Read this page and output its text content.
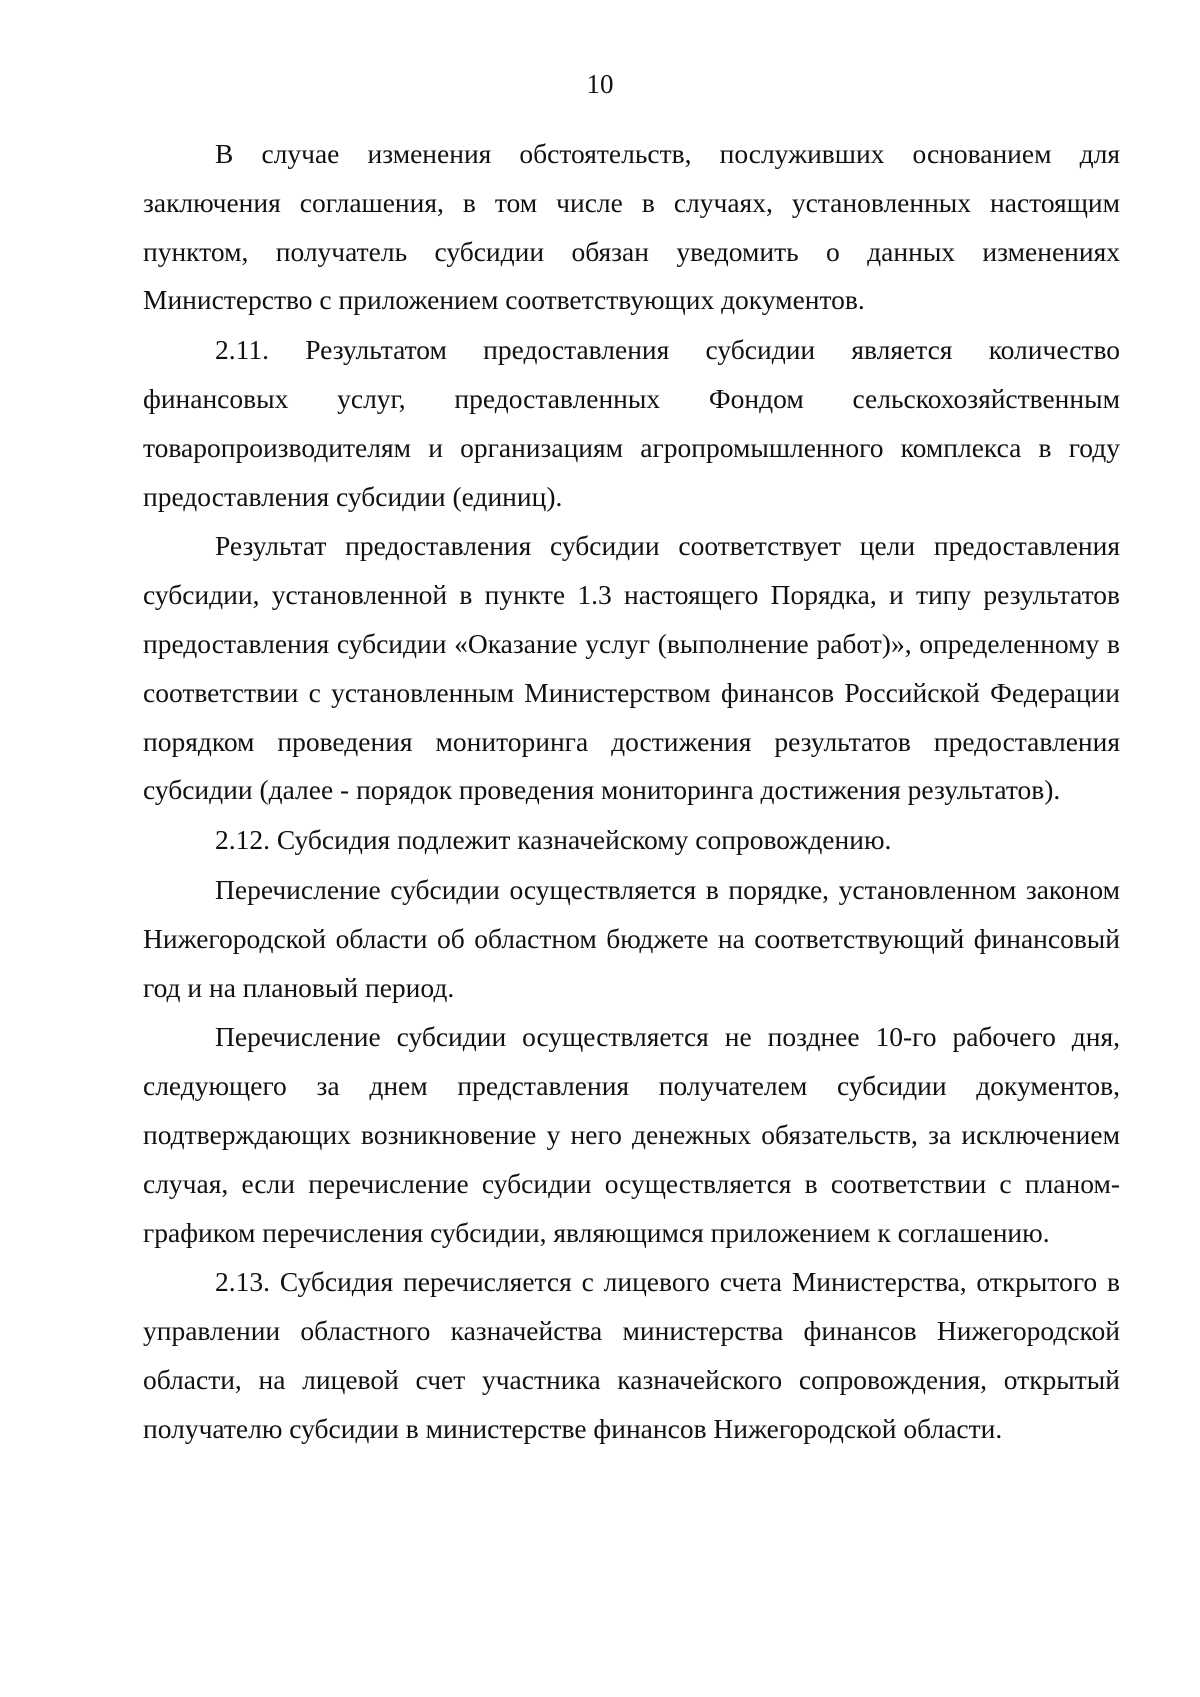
10

В случае изменения обстоятельств, послуживших основанием для заключения соглашения, в том числе в случаях, установленных настоящим пунктом, получатель субсидии обязан уведомить о данных изменениях Министерство с приложением соответствующих документов.

2.11. Результатом предоставления субсидии является количество финансовых услуг, предоставленных Фондом сельскохозяйственным товаропроизводителям и организациям агропромышленного комплекса в году предоставления субсидии (единиц).

Результат предоставления субсидии соответствует цели предоставления субсидии, установленной в пункте 1.3 настоящего Порядка, и типу результатов предоставления субсидии «Оказание услуг (выполнение работ)», определенному в соответствии с установленным Министерством финансов Российской Федерации порядком проведения мониторинга достижения результатов предоставления субсидии (далее - порядок проведения мониторинга достижения результатов).

2.12. Субсидия подлежит казначейскому сопровождению.

Перечисление субсидии осуществляется в порядке, установленном законом Нижегородской области об областном бюджете на соответствующий финансовый год и на плановый период.

Перечисление субсидии осуществляется не позднее 10-го рабочего дня, следующего за днем представления получателем субсидии документов, подтверждающих возникновение у него денежных обязательств, за исключением случая, если перечисление субсидии осуществляется в соответствии с планом-графиком перечисления субсидии, являющимся приложением к соглашению.

2.13. Субсидия перечисляется с лицевого счета Министерства, открытого в управлении областного казначейства министерства финансов Нижегородской области, на лицевой счет участника казначейского сопровождения, открытый получателю субсидии в министерстве финансов Нижегородской области.
